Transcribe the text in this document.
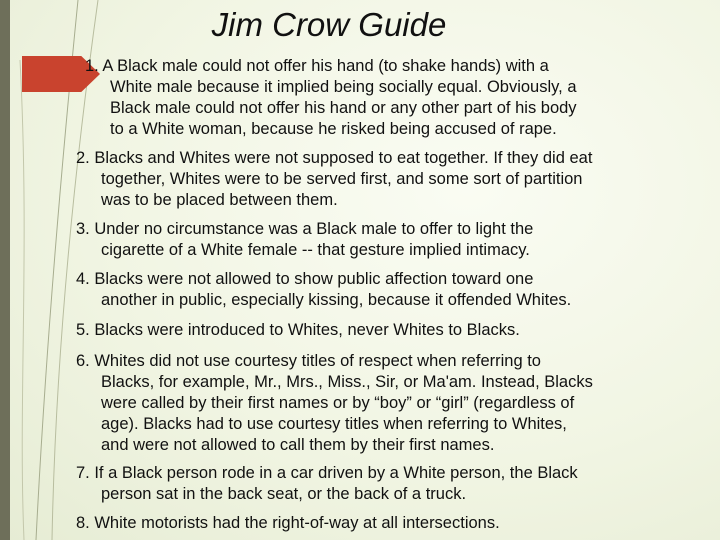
Jim Crow Guide
1. A Black male could not offer his hand (to shake hands) with a
White male because it implied being socially equal. Obviously, a
Black male could not offer his hand or any other part of his body
to a White woman, because he risked being accused of rape.
2. Blacks and Whites were not supposed to eat together. If they did eat
together, Whites were to be served first, and some sort of partition
was to be placed between them.
3. Under no circumstance was a Black male to offer to light the
cigarette of a White female -- that gesture implied intimacy.
4. Blacks were not allowed to show public affection toward one
another in public, especially kissing, because it offended Whites.
5. Blacks were introduced to Whites, never Whites to Blacks.
6. Whites did not use courtesy titles of respect when referring to
Blacks, for example, Mr., Mrs., Miss., Sir, or Ma'am. Instead, Blacks
were called by their first names or by “boy” or “girl” (regardless of
age). Blacks had to use courtesy titles when referring to Whites,
and were not allowed to call them by their first names.
7. If a Black person rode in a car driven by a White person, the Black
person sat in the back seat, or the back of a truck.
8. White motorists had the right-of-way at all intersections.
